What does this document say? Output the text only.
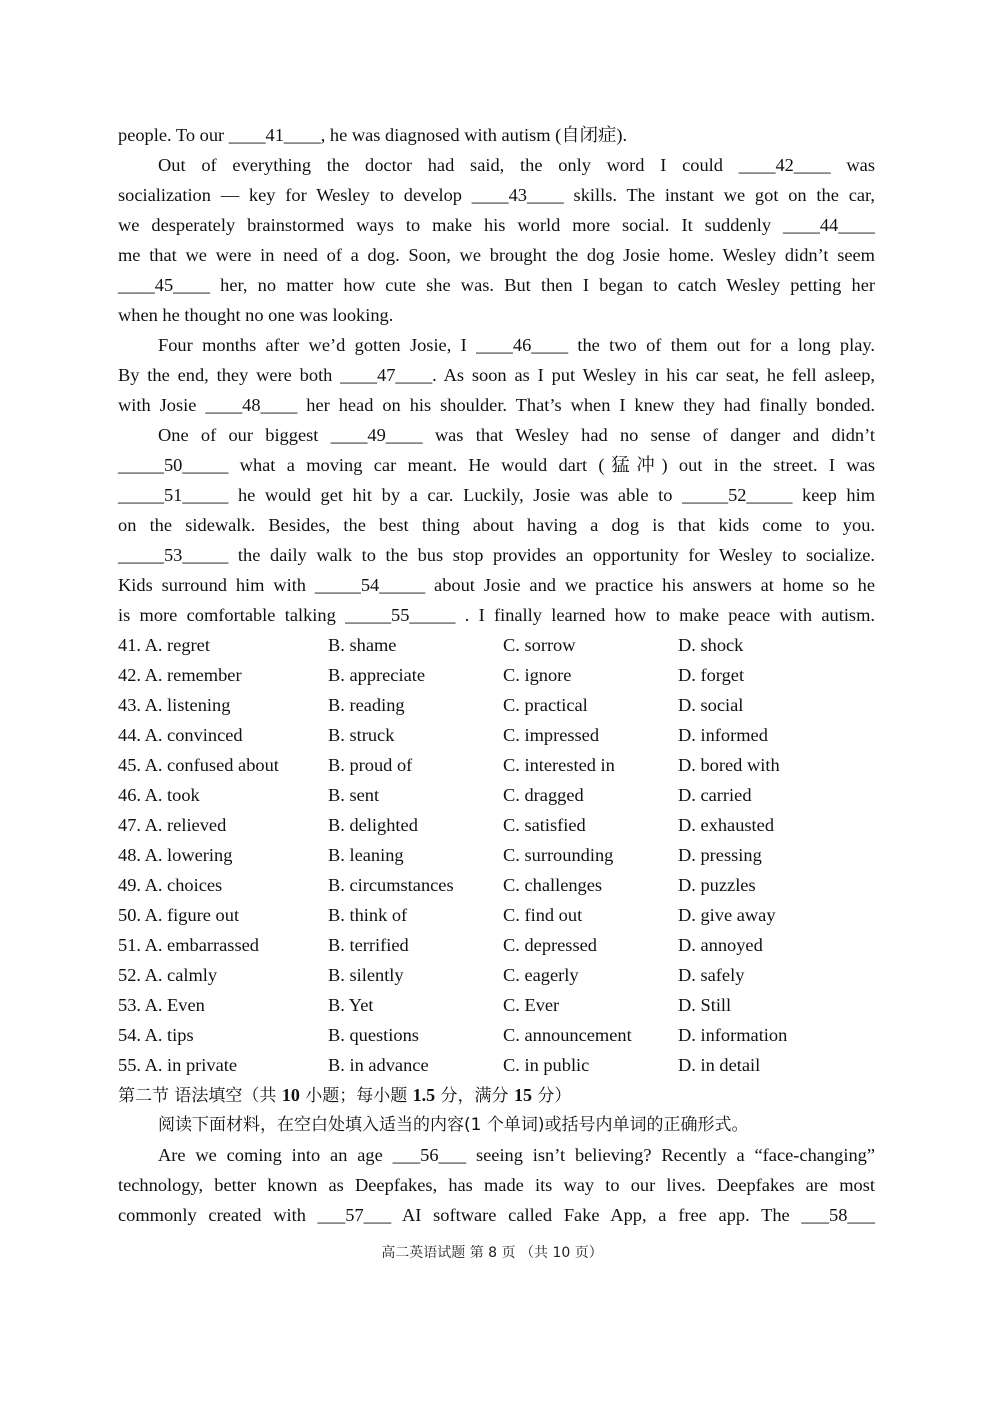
people. To our ____41____, he was diagnosed with autism (自闭症).
Out of everything the doctor had said, the only word I could ____42____ was
socialization — key for Wesley to develop ____43____ skills. The instant we got on the car,
we desperately brainstormed ways to make his world more social. It suddenly ____44____
me that we were in need of a dog. Soon, we brought the dog Josie home. Wesley didn’t seem
____45____ her, no matter how cute she was. But then I began to catch Wesley petting her
when he thought no one was looking.
Four months after we’d gotten Josie, I ____46____ the two of them out for a long play.
By the end, they were both ____47____. As soon as I put Wesley in his car seat, he fell asleep,
with Josie ____48____ her head on his shoulder. That’s when I knew they had finally bonded.
One of our biggest ____49____ was that Wesley had no sense of danger and didn’t
_____50_____ what a moving car meant. He would dart (猛冲) out in the street. I was
_____51_____ he would get hit by a car. Luckily, Josie was able to _____52_____ keep him
on the sidewalk. Besides, the best thing about having a dog is that kids come to you.
_____53_____ the daily walk to the bus stop provides an opportunity for Wesley to socialize.
Kids surround him with _____54_____ about Josie and we practice his answers at home so he
is more comfortable talking _____55_____ . I finally learned how to make peace with autism.
41. A. regret	B. shame	C. sorrow	D. shock
42. A. remember	B. appreciate	C. ignore	D. forget
43. A. listening	B. reading	C. practical	D. social
44. A. convinced	B. struck	C. impressed	D. informed
45. A. confused about	B. proud of	C. interested in	D. bored with
46. A. took	B. sent	C. dragged	D. carried
47. A. relieved	B. delighted	C. satisfied	D. exhausted
48. A. lowering	B. leaning	C. surrounding	D. pressing
49. A. choices	B. circumstances	C. challenges	D. puzzles
50. A. figure out	B. think of	C. find out	D. give away
51. A. embarrassed	B. terrified	C. depressed	D. annoyed
52. A. calmly	B. silently	C. eagerly	D. safely
53. A. Even	B. Yet	C. Ever	D. Still
54. A. tips	B. questions	C. announcement	D. information
55. A. in private	B. in advance	C. in public	D. in detail
第二节 语法填空（共 10 小题；每小题 1.5 分，满分 15 分）
阅读下面材料，在空白处填入适当的内容(1 个单词)或括号内单词的正确形式。
Are we coming into an age ___56___ seeing isn’t believing? Recently a “face-changing”
technology, better known as Deepfakes, has made its way to our lives. Deepfakes are most
commonly created with ___57___ AI software called Fake App, a free app. The ___58___
高二英语试题 第 8 页 （共 10 页）
